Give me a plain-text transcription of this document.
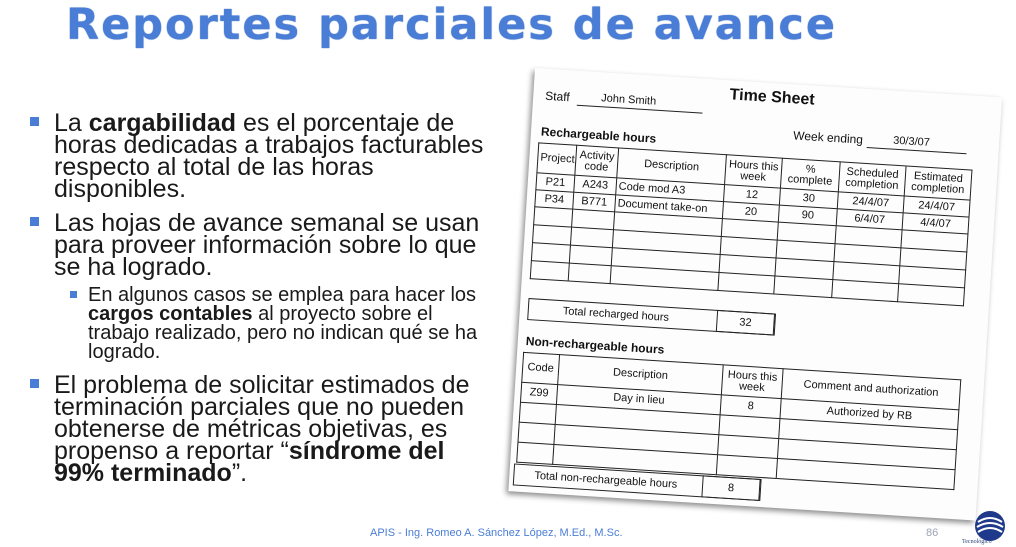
Reportes parciales de avance
La cargabilidad es el porcentaje de horas dedicadas a trabajos facturables respecto al total de las horas disponibles.
Las hojas de avance semanal se usan para proveer información sobre lo que se ha logrado.
En algunos casos se emplea para hacer los cargos contables al proyecto sobre el trabajo realizado, pero no indican qué se ha logrado.
El problema de solicitar estimados de terminación parciales que no pueden obtenerse de métricas objetivas, es propenso a reportar “síndrome del 99% terminado”.
Time Sheet
Staff	John Smith
Week ending	30/3/07
Rechargeable hours
Project	Activity code	Description	Hours this week	% complete	Scheduled completion	Estimated completion
P21	A243	Code mod A3	12	30	24/4/07	24/4/07
P34	B771	Document take-on	20	90	6/4/07	4/4/07

Total recharged hours	32
Non-rechargeable hours
Code	Description	Hours this week	Comment and authorization
Z99	Day in lieu	8	Authorized by RB

Total non-rechargeable hours	8
APIS - Ing. Romeo A. Sánchez López, M.Ed., M.Sc.	86
Tecnológico
